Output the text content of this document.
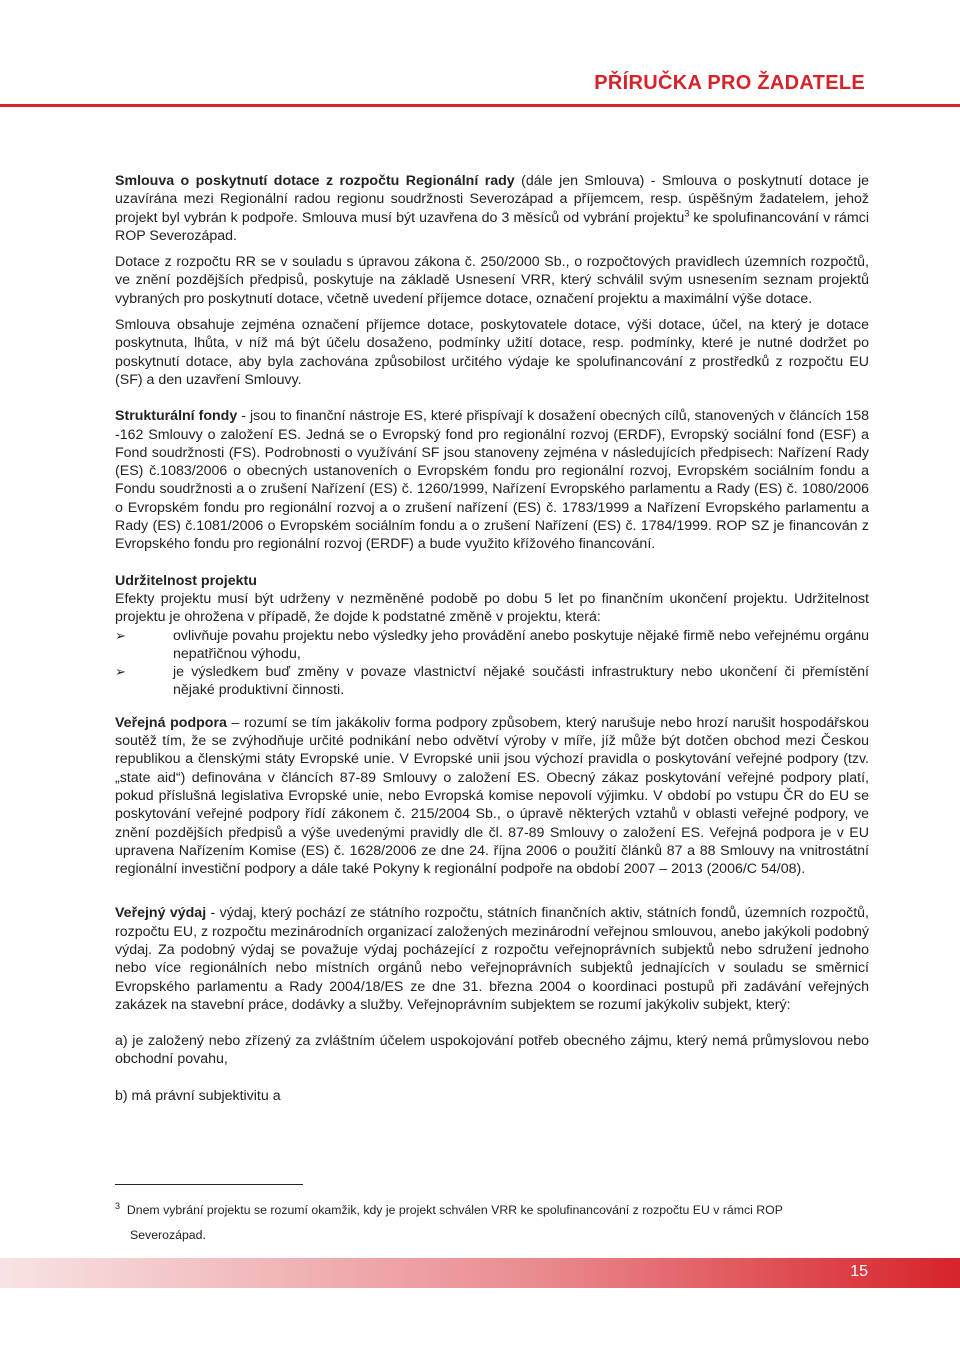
PŘÍRUČKA PRO ŽADATELE

Smlouva o poskytnutí dotace z rozpočtu Regionální rady (dále jen Smlouva) - Smlouva o poskytnutí dotace je uzavírána mezi Regionální radou regionu soudržnosti Severozápad a příjemcem, resp. úspěšným žadatelem, jehož projekt byl vybrán k podpoře. Smlouva musí být uzavřena do 3 měsíců od vybrání projektu$^3$ ke spolufinancování v rámci ROP Severozápad.

Dotace z rozpočtu RR se v souladu s úpravou zákona č. 250/2000 Sb., o rozpočtových pravidlech územních rozpočtů, ve znění pozdějších předpisů, poskytuje na základě Usnesení VRR, který schválil svým usnesením seznam projektů vybraných pro poskytnutí dotace, včetně uvedení příjemce dotace, označení projektu a maximální výše dotace.

Smlouva obsahuje zejména označení příjemce dotace, poskytovatele dotace, výši dotace, účel, na který je dotace poskytnuta, lhůta, v níž má být účelu dosaženo, podmínky užití dotace, resp. podmínky, které je nutné dodržet po poskytnutí dotace, aby byla zachována způsobilost určitého výdaje ke spolufinancování z prostředků z rozpočtu EU (SF) a den uzavření Smlouvy.

Strukturální fondy - jsou to finanční nástroje ES, které přispívají k dosažení obecných cílů, stanovených v článcích 158 -162 Smlouvy o založení ES. Jedná se o Evropský fond pro regionální rozvoj (ERDF), Evropský sociální fond (ESF) a Fond soudržnosti (FS). Podrobnosti o využívání SF jsou stanoveny zejména v následujících předpisech: Nařízení Rady (ES) č.1083/2006 o obecných ustanoveních o Evropském fondu pro regionální rozvoj, Evropském sociálním fondu a Fondu soudržnosti a o zrušení Nařízení (ES) č. 1260/1999, Nařízení Evropského parlamentu a Rady (ES) č. 1080/2006 o Evropském fondu pro regionální rozvoj a o zrušení nařízení (ES) č. 1783/1999 a Nařízení Evropského parlamentu a Rady (ES) č.1081/2006 o Evropském sociálním fondu a o zrušení Nařízení (ES) č. 1784/1999. ROP SZ je financován z Evropského fondu pro regionální rozvoj (ERDF) a bude využito křížového financování.

Udržitelnost projektu

Efekty projektu musí být udrženy v nezměněné podobě po dobu 5 let po finančním ukončení projektu. Udržitelnost projektu je ohrožena v případě, že dojde k podstatné změně v projektu, která:

➢	ovlivňuje povahu projektu nebo výsledky jeho provádění anebo poskytuje nějaké firmě nebo veřejnému orgánu nepatřičnou výhodu,
➢	je výsledkem buď změny v povaze vlastnictví nějaké součásti infrastruktury nebo ukončení či přemístění nějaké produktivní činnosti.

Veřejná podpora – rozumí se tím jakákoliv forma podpory způsobem, který narušuje nebo hrozí narušit hospodářskou soutěž tím, že se zvýhodňuje určité podnikání nebo odvětví výroby v míře, jíž může být dotčen obchod mezi Českou republikou a členskými státy Evropské unie. V Evropské unii jsou výchozí pravidla o poskytování veřejné podpory (tzv. „state aid“) definována v článcích 87-89 Smlouvy o založení ES. Obecný zákaz poskytování veřejné podpory platí, pokud příslušná legislativa Evropské unie, nebo Evropská komise nepovolí výjimku. V období po vstupu ČR do EU se poskytování veřejné podpory řídí zákonem č. 215/2004 Sb., o úpravě některých vztahů v oblasti veřejné podpory, ve znění pozdějších předpisů a výše uvedenými pravidly dle čl. 87-89 Smlouvy o založení ES. Veřejná podpora je v EU upravena Nařízením Komise (ES) č. 1628/2006 ze dne 24. října 2006 o použití článků 87 a 88 Smlouvy na vnitrostátní regionální investiční podpory a dále také Pokyny k regionální podpoře na období 2007 – 2013 (2006/C 54/08).

Veřejný výdaj - výdaj, který pochází ze státního rozpočtu, státních finančních aktiv, státních fondů, územních rozpočtů, rozpočtu EU, z rozpočtu mezinárodních organizací založených mezinárodní veřejnou smlouvou, anebo jakýkoli podobný výdaj. Za podobný výdaj se považuje výdaj pocházející z rozpočtu veřejnoprávních subjektů nebo sdružení jednoho nebo více regionálních nebo místních orgánů nebo veřejnoprávních subjektů jednajících v souladu se směrnicí Evropského parlamentu a Rady 2004/18/ES ze dne 31. března 2004 o koordinaci postupů při zadávání veřejných zakázek na stavební práce, dodávky a služby. Veřejnoprávním subjektem se rozumí jakýkoliv subjekt, který:

a) je založený nebo zřízený za zvláštním účelem uspokojování potřeb obecného zájmu, který nemá průmyslovou nebo obchodní povahu,

b) má právní subjektivitu a

$^3$ Dnem vybrání projektu se rozumí okamžik, kdy je projekt schválen VRR ke spolufinancování z rozpočtu EU v rámci ROP
Severozápad.
15
